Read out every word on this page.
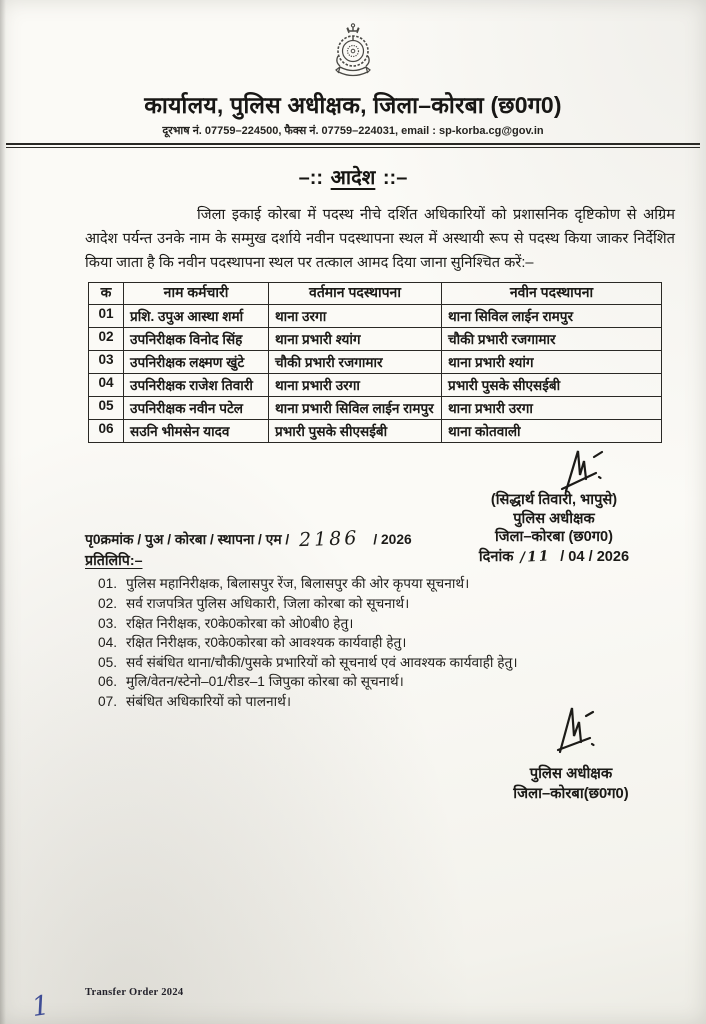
कार्यालय, पुलिस अधीक्षक, जिला–कोरबा (छ0ग0)
दूरभाष नं. 07759–224500, फैक्स नं. 07759–224031, email : sp-korba.cg@gov.in
–:: आदेश ::–

जिला इकाई कोरबा में पदस्थ नीचे दर्शित अधिकारियों को प्रशासनिक दृष्टिकोण से अग्रिम आदेश पर्यन्त उनके नाम के सम्मुख दर्शाये नवीन पदस्थापना स्थल में अस्थायी रूप से पदस्थ किया जाकर निर्देशित किया जाता है कि नवीन पदस्थापना स्थल पर तत्काल आमद दिया जाना सुनिश्चित करें:–

क	नाम कर्मचारी	वर्तमान पदस्थापना	नवीन पदस्थापना
01	प्रशि. उपुअ आस्था शर्मा	थाना उरगा	थाना सिविल लाईन रामपुर
02	उपनिरीक्षक विनोद सिंह	थाना प्रभारी श्यांग	चौकी प्रभारी रजगामार
03	उपनिरीक्षक लक्ष्मण खुंटे	चौकी प्रभारी रजगामार	थाना प्रभारी श्यांग
04	उपनिरीक्षक राजेश तिवारी	थाना प्रभारी उरगा	प्रभारी पुसके सीएसईबी
05	उपनिरीक्षक नवीन पटेल	थाना प्रभारी सिविल लाईन रामपुर	थाना प्रभारी उरगा
06	सउनि भीमसेन यादव	प्रभारी पुसके सीएसईबी	थाना कोतवाली
(सिद्धार्थ तिवारी, भापुसे)
पुलिस अधीक्षक
जिला–कोरबा (छ0ग0)
दिनांक /11 / 04 / 2026
पृ0क्रमांक / पुअ / कोरबा / स्थापना / एम / 2186 / 2026
प्रतिलिपि:–
01. पुलिस महानिरीक्षक, बिलासपुर रेंज, बिलासपुर की ओर कृपया सूचनार्थ।
02. सर्व राजपत्रित पुलिस अधिकारी, जिला कोरबा को सूचनार्थ।
03. रक्षित निरीक्षक, र0के0कोरबा को ओ0बी0 हेतु।
04. रक्षित निरीक्षक, र0के0कोरबा को आवश्यक कार्यवाही हेतु।
05. सर्व संबंधित थाना/चौकी/पुसके प्रभारियों को सूचनार्थ एवं आवश्यक कार्यवाही हेतु।
06. मुलि/वेतन/स्टेनो–01/रीडर–1 जिपुका कोरबा को सूचनार्थ।
07. संबंधित अधिकारियों को पालनार्थ।
पुलिस अधीक्षक
जिला–कोरबा(छ0ग0)
Transfer Order 2024
1
